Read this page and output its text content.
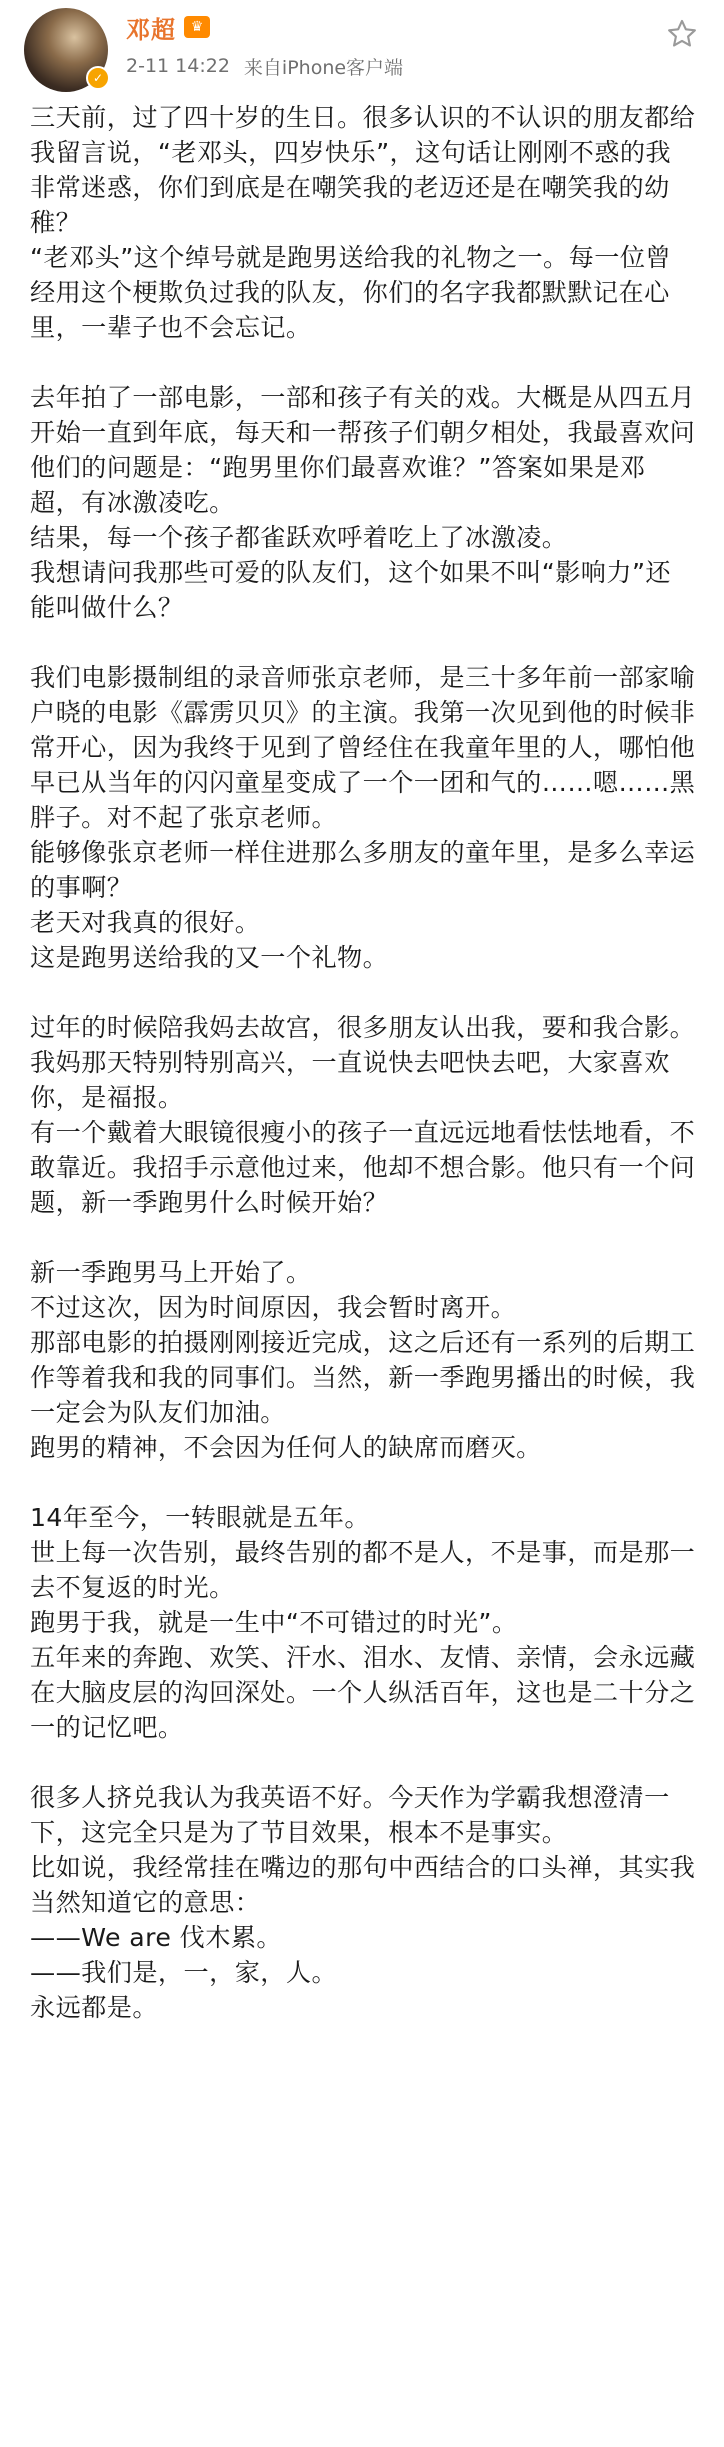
✓
邓超	♛
2-11 14:22 来自iPhone客户端

三天前，过了四十岁的生日。很多认识的不认识的朋友都给我留言说，“老邓头，四岁快乐”，这句话让刚刚不惑的我非常迷惑，你们到底是在嘲笑我的老迈还是在嘲笑我的幼稚？

“老邓头”这个绰号就是跑男送给我的礼物之一。每一位曾经用这个梗欺负过我的队友，你们的名字我都默默记在心里，一辈子也不会忘记。

去年拍了一部电影，一部和孩子有关的戏。大概是从四五月开始一直到年底，每天和一帮孩子们朝夕相处，我最喜欢问他们的问题是：“跑男里你们最喜欢谁？”答案如果是邓超，有冰激凌吃。

结果，每一个孩子都雀跃欢呼着吃上了冰激凌。

我想请问我那些可爱的队友们，这个如果不叫“影响力”还能叫做什么？

我们电影摄制组的录音师张京老师，是三十多年前一部家喻户晓的电影《霹雳贝贝》的主演。我第一次见到他的时候非常开心，因为我终于见到了曾经住在我童年里的人，哪怕他早已从当年的闪闪童星变成了一个一团和气的……嗯……黑胖子。对不起了张京老师。

能够像张京老师一样住进那么多朋友的童年里，是多么幸运的事啊？

老天对我真的很好。

这是跑男送给我的又一个礼物。

过年的时候陪我妈去故宫，很多朋友认出我，要和我合影。我妈那天特别特别高兴，一直说快去吧快去吧，大家喜欢你，是福报。

有一个戴着大眼镜很瘦小的孩子一直远远地看怯怯地看，不敢靠近。我招手示意他过来，他却不想合影。他只有一个问题，新一季跑男什么时候开始？

新一季跑男马上开始了。

不过这次，因为时间原因，我会暂时离开。

那部电影的拍摄刚刚接近完成，这之后还有一系列的后期工作等着我和我的同事们。当然，新一季跑男播出的时候，我一定会为队友们加油。

跑男的精神，不会因为任何人的缺席而磨灭。

14年至今，一转眼就是五年。

世上每一次告别，最终告别的都不是人，不是事，而是那一去不复返的时光。

跑男于我，就是一生中“不可错过的时光”。

五年来的奔跑、欢笑、汗水、泪水、友情、亲情，会永远藏在大脑皮层的沟回深处。一个人纵活百年，这也是二十分之一的记忆吧。

很多人挤兑我认为我英语不好。今天作为学霸我想澄清一下，这完全只是为了节目效果，根本不是事实。

比如说，我经常挂在嘴边的那句中西结合的口头禅，其实我当然知道它的意思：

——We are 伐木累。

——我们是，一，家，人。

永远都是。
